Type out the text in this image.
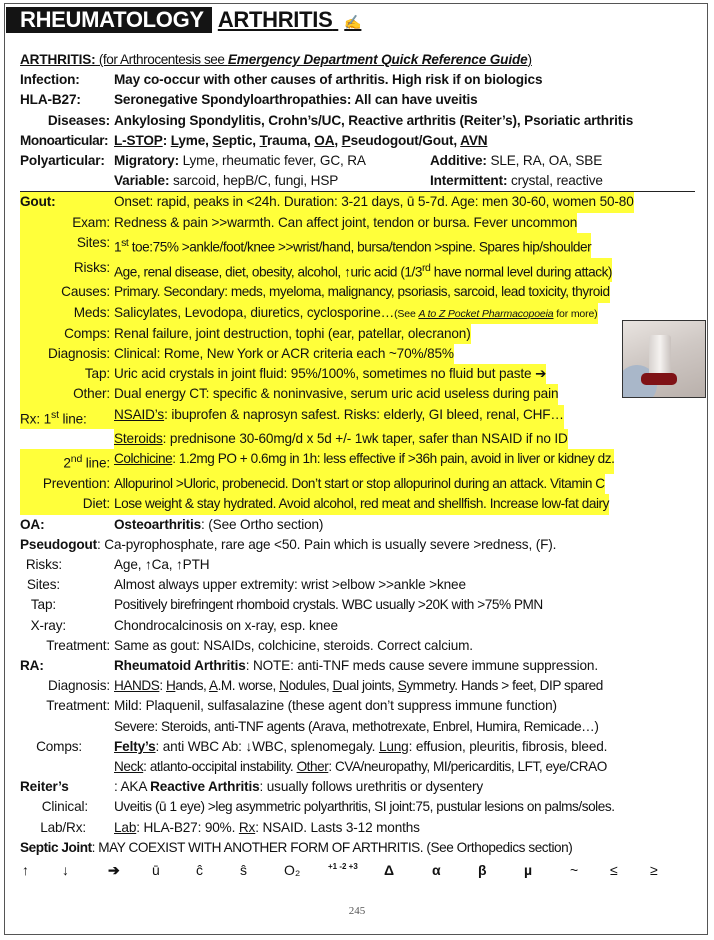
RHEUMATOLOGY ARTHRITIS ✍
ARTHRITIS: (for Arthrocentesis see Emergency Department Quick Reference Guide)
Infection:	May co-occur with other causes of arthritis. High risk if on biologics
HLA-B27:	Seronegative Spondyloarthropathies: All can have uveitis
Diseases: Ankylosing Spondylitis, Crohn’s/UC, Reactive arthritis (Reiter’s), Psoriatic arthritis
Monoarticular: L-STOP: Lyme, Septic, Trauma, OA, Pseudogout/Gout, AVN
Polyarticular: Migratory: Lyme, rheumatic fever, GC, RA	Additive: SLE, RA, OA, SBE
Variable: sarcoid, hepB/C, fungi, HSP	Intermittent: crystal, reactive
Gout:	Onset: rapid, peaks in <24h. Duration: 3-21 days, ū 5-7d. Age: men 30-60, women 50-80
Exam: Redness & pain >>warmth. Can affect joint, tendon or bursa. Fever uncommon
Sites: 1st toe:75% >ankle/foot/knee >>wrist/hand, bursa/tendon >spine. Spares hip/shoulder
Risks: Age, renal disease, diet, obesity, alcohol, ↑uric acid (1/3rd have normal level during attack)
Causes: Primary. Secondary: meds, myeloma, malignancy, psoriasis, sarcoid, lead toxicity, thyroid
Meds: Salicylates, Levodopa, diuretics, cyclosporine…(See A to Z Pocket Pharmacopoeia for more)
Comps: Renal failure, joint destruction, tophi (ear, patellar, olecranon)
Diagnosis: Clinical: Rome, New York or ACR criteria each ~70%/85%
Tap: Uric acid crystals in joint fluid: 95%/100%, sometimes no fluid but paste ➔
Other: Dual energy CT: specific & noninvasive, serum uric acid useless during pain
Rx: 1st line:	NSAID’s: ibuprofen & naprosyn safest. Risks: elderly, GI bleed, renal, CHF…
Steroids: prednisone 30-60mg/d x 5d +/- 1wk taper, safer than NSAID if no ID
2nd line: Colchicine: 1.2mg PO + 0.6mg in 1h: less effective if >36h pain, avoid in liver or kidney dz.
Prevention: Allopurinol >Uloric, probenecid. Don’t start or stop allopurinol during an attack. Vitamin C
Diet: Lose weight & stay hydrated. Avoid alcohol, red meat and shellfish. Increase low-fat dairy
OA:	Osteoarthritis: (See Ortho section)
Pseudogout: Ca-pyrophosphate, rare age <50. Pain which is usually severe >redness, (F).
Risks:	Age, ↑Ca, ↑PTH
Sites:	Almost always upper extremity: wrist >elbow >>ankle >knee
Tap:	Positively birefringent rhomboid crystals. WBC usually >20K with >75% PMN
X-ray:	Chondrocalcinosis on x-ray, esp. knee
Treatment: Same as gout: NSAIDs, colchicine, steroids. Correct calcium.
RA:	Rheumatoid Arthritis: NOTE: anti-TNF meds cause severe immune suppression.
Diagnosis: HANDS: Hands, A.M. worse, Nodules, Dual joints, Symmetry. Hands > feet, DIP spared
Treatment: Mild: Plaquenil, sulfasalazine (these agent don’t suppress immune function)
Severe: Steroids, anti-TNF agents (Arava, methotrexate, Enbrel, Humira, Remicade…)
Comps:	Felty’s: anti WBC Ab: ↓WBC, splenomegaly. Lung: effusion, pleuritis, fibrosis, bleed.
Neck: atlanto-occipital instability. Other: CVA/neuropathy, MI/pericarditis, LFT, eye/CRAO
Reiter’s	: AKA Reactive Arthritis: usually follows urethritis or dysentery
Clinical:	Uveitis (ū 1 eye) >leg asymmetric polyarthritis, SI joint:75, pustular lesions on palms/soles.
Lab/Rx:	Lab: HLA-B27: 90%. Rx: NSAID. Lasts 3-12 months
Septic Joint: MAY COEXIST WITH ANOTHER FORM OF ARTHRITIS. (See Orthopedics section)
↑	↓	➔	ū	ĉ	ŝ	O₂	+1 -2 +3	Δ	α	β	µ	~	≤	≥
245
